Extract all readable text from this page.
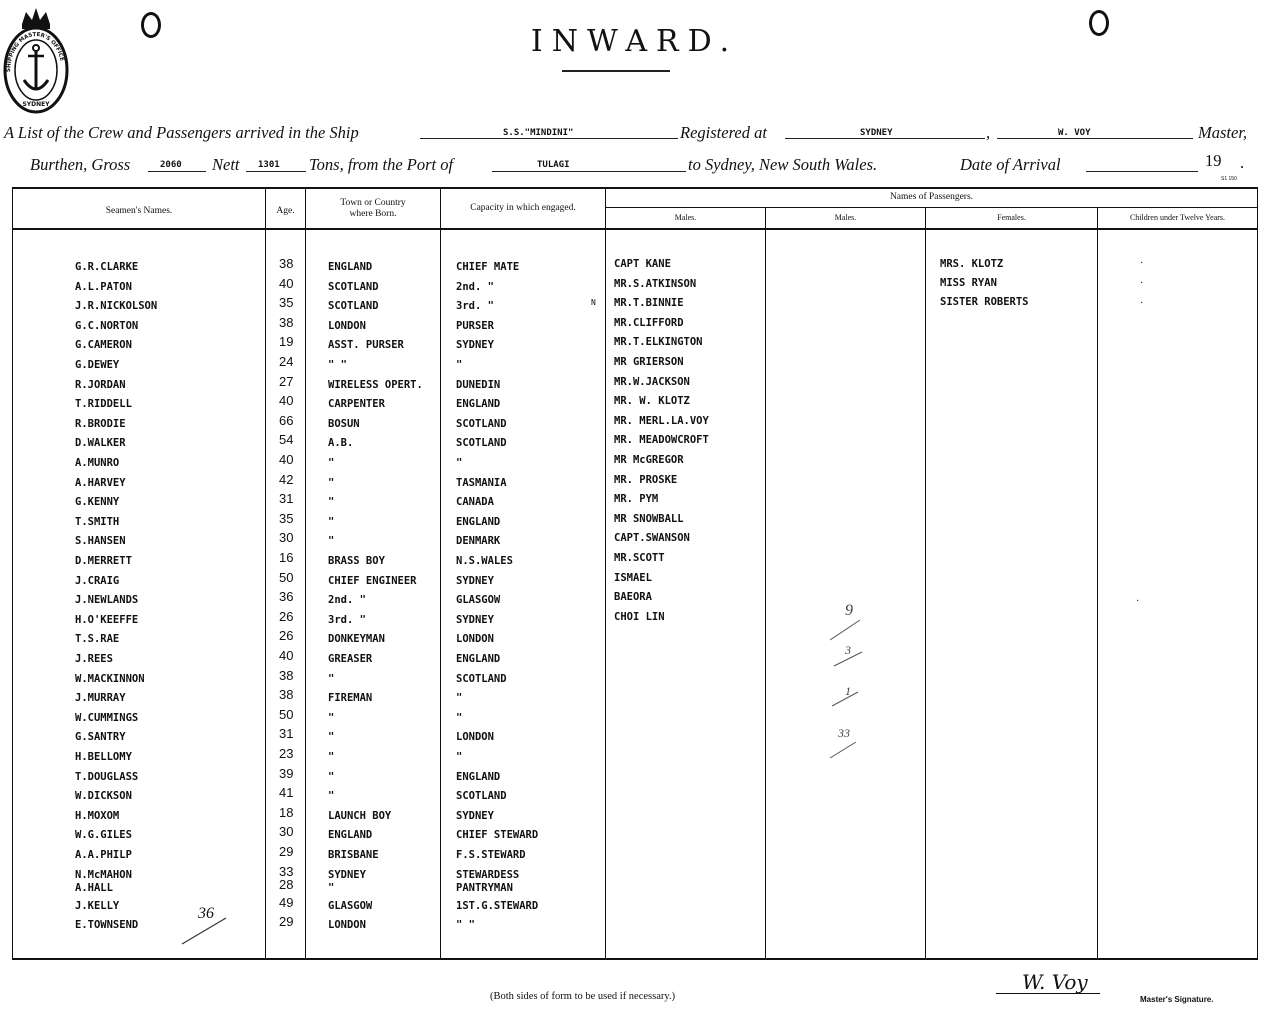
SHIPPING MASTER'S OFFICE
SYDNEY
INWARD.
A List of the Crew and Passengers arrived in the Ship	S.S."MINDINI"	Registered at	SYDNEY	,	W. VOY	Master,
Burthen, Gross	2060 Nett 1301 Tons, from the Port of	TULAGI	to Sydney, New South Wales.	Date of Arrival	19 .
S1 150
Seamen's Names.	Age.
Town or Country where Born.
Capacity in which engaged.
Names of Passengers.
Males.	Males.	Females.	Children under Twelve Years.
G.R.CLARKE	38	ENGLAND	CHIEF MATE
A.L.PATON	40	SCOTLAND	2nd. "
J.R.NICKOLSON	35	SCOTLAND	3rd. "
G.C.NORTON	38	LONDON	PURSER
G.CAMERON	19	ASST. PURSER	SYDNEY
G.DEWEY	24	" "	"
R.JORDAN	27	WIRELESS OPERT.	DUNEDIN
T.RIDDELL	40	CARPENTER	ENGLAND
R.BRODIE	66	BOSUN	SCOTLAND
D.WALKER	54	A.B.	SCOTLAND
A.MUNRO	40	"	"
A.HARVEY	42	"	TASMANIA
G.KENNY	31	"	CANADA
T.SMITH	35	"	ENGLAND
S.HANSEN	30	"	DENMARK
D.MERRETT	16	BRASS BOY	N.S.WALES
J.CRAIG	50	CHIEF ENGINEER	SYDNEY
J.NEWLANDS	36	2nd. "	GLASGOW
H.O'KEEFFE	26	3rd. "	SYDNEY
T.S.RAE	26	DONKEYMAN	LONDON
J.REES	40	GREASER	ENGLAND
W.MACKINNON	38	"	SCOTLAND
J.MURRAY	38	FIREMAN	"
W.CUMMINGS	50	"	"
G.SANTRY	31	"	LONDON
H.BELLOMY	23	"	"
T.DOUGLASS	39	"	ENGLAND
W.DICKSON	41	"	SCOTLAND
H.MOXOM	18	LAUNCH BOY	SYDNEY
W.G.GILES	30	ENGLAND	CHIEF STEWARD
A.A.PHILP	29	BRISBANE	F.S.STEWARD
N.McMAHON	33	SYDNEY	STEWARDESS
A.HALL	28	"	PANTRYMAN
J.KELLY	49	GLASGOW	1ST.G.STEWARD
E.TOWNSEND	29	LONDON	" "
CAPT KANE
MR.S.ATKINSON
MR.T.BINNIE
MR.CLIFFORD
MR.T.ELKINGTON
MR GRIERSON
MR.W.JACKSON
MR. W. KLOTZ
MR. MERL.LA.VOY
MR. MEADOWCROFT
MR McGREGOR
MR. PROSKE
MR. PYM
MR SNOWBALL
CAPT.SWANSON
MR.SCOTT
ISMAEL
BAEORA
CHOI LIN
MRS. KLOTZ
MISS RYAN
SISTER ROBERTS
·
·
·
·
N
9
3
1
33
36
(Both sides of form to be used if necessary.)
W. Voy
Master's Signature.
